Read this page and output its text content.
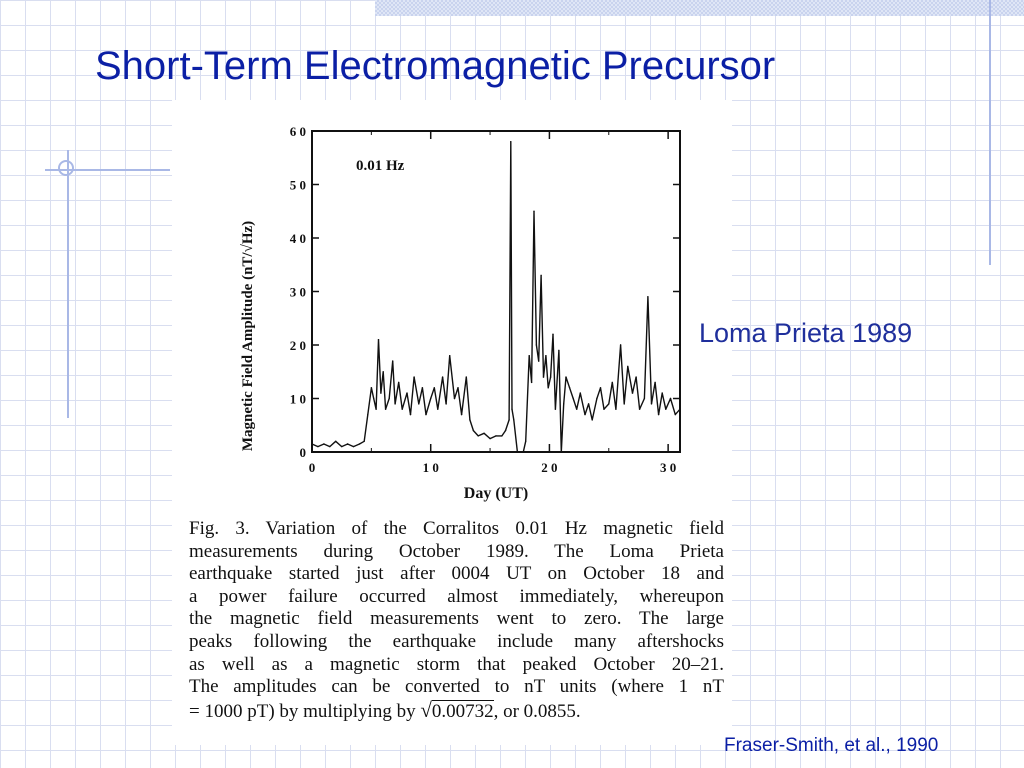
Short-Term Electromagnetic Precursor
0
1 0
2 0
3 0
4 0
5 0
6 0
0	1 0	2 0	3 0
0.01 Hz
Day (UT)
Magnetic Field Amplitude (nT/√Hz)

Fig. 3. Variation of the Corralitos 0.01 Hz magnetic field
measurements during October 1989. The Loma Prieta
earthquake started just after 0004 UT on October 18 and
a power failure occurred almost immediately, whereupon
the magnetic field measurements went to zero. The large
peaks following the earthquake include many aftershocks
as well as a magnetic storm that peaked October 20–21.
The amplitudes can be converted to nT units (where 1 nT
= 1000 pT) by multiplying by √0.00732, or 0.0855.

Loma Prieta 1989

Fraser-Smith, et al., 1990
